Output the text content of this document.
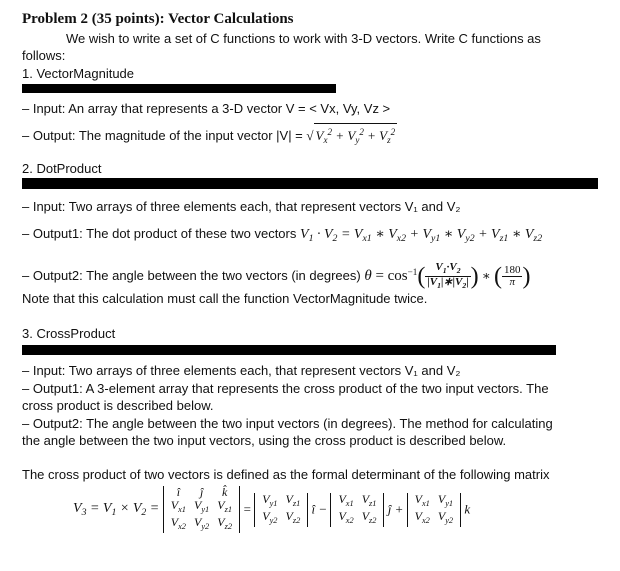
Problem 2 (35 points): Vector Calculations
We wish to write a set of C functions to work with 3-D vectors. Write C functions as
follows:
1. VectorMagnitude
– Input: An array that represents a 3-D vector V = < Vx, Vy, Vz >
– Output: The magnitude of the input vector |V| = √ $V_x^2 + V_y^2 + V_z^2$
2. DotProduct
– Input: Two arrays of three elements each, that represent vectors V₁ and V₂
– Output1: The dot product of these two vectors $V_1 \cdot V_2 = V_{x1}$ ∗ $V_{x2} + V_{y1}$ ∗ $V_{y2} + V_{z1}$ ∗ $V_{z2}$
– Output2: The angle between the two vectors (in degrees) $\theta = \cos^{-1}( \frac{V_1\cdot V_2}{|V_1|∗|V_2|}$ ) ∗ ( $\frac{180}{\pi}$ )
Note that this calculation must call the function VectorMagnitude twice.
3. CrossProduct
– Input: Two arrays of three elements each, that represent vectors V₁ and V₂
– Output1: A 3-element array that represents the cross product of the two input vectors. The
cross product is described below.
– Output2: The angle between the two input vectors (in degrees). The method for calculating
the angle between the two input vectors, using the cross product is described below.
The cross product of two vectors is defined as the formal determinant of the following matrix
$V_3 = V_1 \times V_2$ =
î	ĵ	k̂
$V_{x1}$	$V_{y1}$	$V_{z1}$
$V_{x2}$	$V_{y2}$	$V_{z2}$
=
$V_{y1}$	$V_{z1}$
$V_{y2}$	$V_{z2}$
î −
$V_{x1}$	$V_{z1}$
$V_{x2}$	$V_{z2}$
ĵ +
$V_{x1}$	$V_{y1}$
$V_{x2}$	$V_{y2}$
k
